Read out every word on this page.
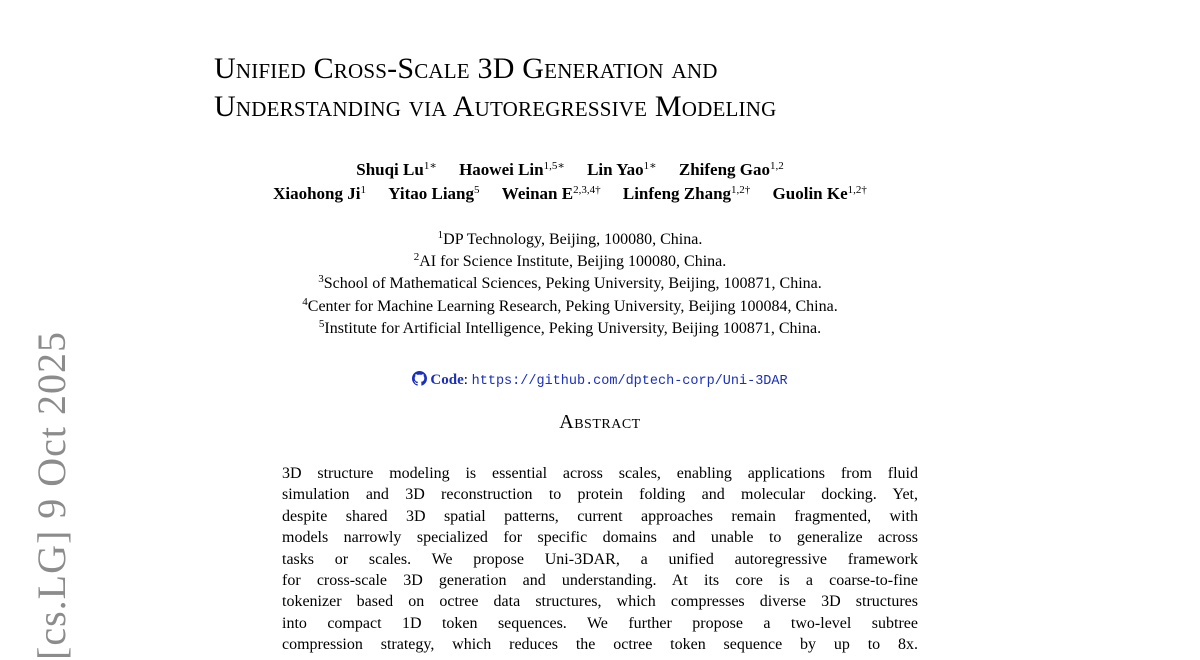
Unified Cross-Scale 3D Generation and
Understanding via Autoregressive Modeling
Shuqi $Lu^{1∗}$ Haowei Lin$^{1,5∗}$ Lin Yao$^{1∗}$ Zhifeng Gao$^{1,2}$
Xiaohong Ji$^1$ Yitao Liang$^5$ Weinan $E^{2,3,4\dagger}$ Linfeng Zhang$^{1,2\dagger}$ Guolin $Ke^{1,2\dagger}$
$^1$DP Technology, Beijing, 100080, China.
$^2$AI for Science Institute, Beijing 100080, China.
$^3$School of Mathematical Sciences, Peking University, Beijing, 100871, China.
$^4$Center for Machine Learning Research, Peking University, Beijing 100084, China.
$^5$Institute for Artificial Intelligence, Peking University, Beijing 100871, China.
Code: https://github.com/dptech-corp/Uni-3DAR
Abstract
3D structure modeling is essential across scales, enabling applications from fluid
simulation and 3D reconstruction to protein folding and molecular docking. Yet,
despite shared 3D spatial patterns, current approaches remain fragmented, with
models narrowly specialized for specific domains and unable to generalize across
tasks or scales. We propose Uni-3DAR, a unified autoregressive framework
for cross-scale 3D generation and understanding. At its core is a coarse-to-fine
tokenizer based on octree data structures, which compresses diverse 3D structures
into compact 1D token sequences. We further propose a two-level subtree
compression strategy, which reduces the octree token sequence by up to 8x.
[cs.LG] 9 Oct 2025
